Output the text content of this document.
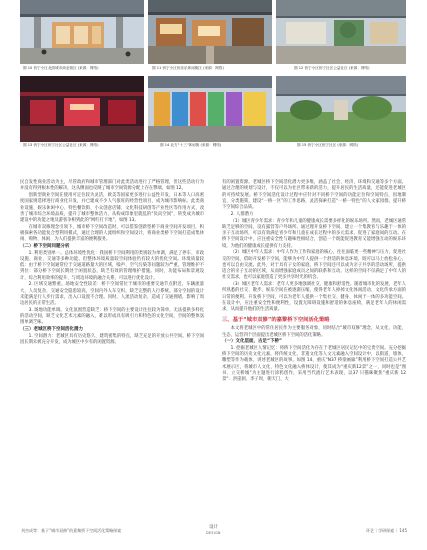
图 10 侨宁小区北面城市商业街区 (来源：网络)	图 11 侨宁小区侨乐乐休闲街区 (来源：网络)	图 12 侨宁小区侨宁社区公益社区 (来源：网络)
图 13 侨宁小区侨宁社区公益社区 (来源：网络)	图 14 北方“十三”休闲街 (来源：网络)	图 15 侨宁小区侨宁社区 (来源：网络)

民自发性商业活动为主，尽管政府和城市管理部门对此类活动进行了严格管理，但这些活动行为并没有得到根本性的解决，这从侧面也反映了城市空间资源分配上存在弊端，如图 12。

创新型商业空间在使用可定位较为灵活，欧美等国家更多进行公益性开发，日本等人口高密度国家则选择进行商业化开发，并已建成不少人气很旺的经营性项目，成为城市影响标。此类商业设施、娱乐休闲中心、特色餐饮街、小众创意店铺、文化科技研创等产业性区等作用方式，改善了城市综合环境品质，提升了城市整体活力，从构成印象里就乱的“负向空间”，转变成为城市建设中的功能之地及游客争相到此的“网红打卡地”，如图 13。

在城市双修理念引领下，城市桥下空间改造时，可以借鉴创新型桥下商业空间开发项目，积极探索各功能复合型利用模式，通过合理的人流组织和空间设计，将商业类桥下空间打造成集休闲、购物、体闲、为人们提供丰富的便利服务。

（二）桥下空间问题分析

1. 利用类别单一。总体环境性优化：我国桥下空间利用的类别较为单调，满足了停车、市政设施、商业、交通等多种功能。但整体环境质量较空间体验仍有较大的优化空间。环境质量较低：由于桥下空间通常位于交通道路量大的区域，噪声、空气污染等问题较为严重。管理维护不到位：部分桥下空间长期处于闲置状态，缺乏有效的管理维护措施。同时，功能布局和景观设计、综合利用效率的提升、与周边环境的融合关系，可以进行优化设计。

2. 区域交通繁重。场地安全性较差：桥下空间常位于城市的重要交通节点附近，车辆流量大，人员复杂，交通安全隐患较高，空间内外人车交织，缺乏完整的人行系统。部分空间的设计未能满足行人步行需求，出入口设置不合理。同时，人流活动复杂，造成了交通拥堵，影响了周边居民的正常生活。

3. 场地功能单调。文化氛围营造缺乏：桥下空间的主要设计往往较为简单，无法提供多样化的活动空间，缺乏文化艺术元素的融入，难以形成具有吸引力和特色的文化空间，空间的整体氛围单调乏味。

（三）老城区桥下空间活化潜力

1. 空间潜力：老城区具有历史悠久、建筑密集的特点，缺乏充足的开放公共空间。桥下空间因长期未被充分开发，成为城区中少有的闲置资源。

有的闲置资源。老城区桥下空间活化潜力更多维，涵盖了社会、经济、环境和交通等多个方面。通过合理的规划与设计，不仅可以为社区带来新的活力，提升居民的生活质量，还能促进老城区的可持续发展。桥下空间活化设计过程中应针对不同桥下空间的功能定位和空间特点，因地制宜、分类施策，建设“一桥一区”的工作思路，灵活探索打造“一桥一特色”的人文家园群，提升桥下空间综合品质。

2. 人群潜力

（1）城区青少年需求：青少年和儿童的健康成长需要多样化的娱乐场所。然而，老城区通常缺乏足够的空间，设有露营等户外场所。通过理开发桥下空间，建立一个集教育与乐趣于一体的亲子互动场所，可以有效满足青少年和儿童在成长过程中的多元需求，促进了家庭间的互动。在桥下空间设计中，应注重安全性与趣味性相结合，创造一个既能促进教育又能增强互动的娱乐环境，为他们的健康成长提供有力支持。

（2）城区中年人需求：中年人作为工作和家庭的核心，往往面临更一些精神与压力，促进社交的空间。借助开发桥下空间，能够为中年人提供一个舒适的休息环境，既可以马上放松身心，也可以自由交流。此外，对于具有子女的家庭，桥下空间还可以成为亲子共享的活动场所，提供适合的亲子互动的区域，从而增强家庭成员之间的联系和互动。这样的空间不仅满足了中年人的社交需求，也可以家庭创造了更多共享时光的机会。

（3）城区老年人需求：老年人更多地强调社交、健康和舒适性。随着城市化的发展，老年人所熟悉的社交、散步、娱乐空间在被逐渐压缩，使得老年人掉掉文化体闲活动、文化传承方面的日常的便利。开发桥下空间，可以为老年人提供一个集社交、健身、休闲于一体的多功能空间。在设计中，应注重安全性和便利性，设置无障碍设施和舒适的休息座椅，满足老年人的休闲需求，从而提升他们的生活质量。

三、基于“城市双修”的嘉黎桥下空间活化策略

本文将老城区中的常住居民作为主要服务对象，同时结合“城市双修”理念，从文化、功能、生态、运营四个层面提出老城区桥下空间的活化策略。

（一）文化层面，古足“下桥”

1. 挖掘老城区人情记忆：将桥下空间活化为存在于老城区居民记忆中的宝贵空间。充分挖掘桥下空间的历史文化元素，将传统文化、非遗文化等人文元素融入空间设计中，以街道、墙体、雕塑等作为载体，讲述老城区的故事。如图 14，重庆“N37 桥梁画廊”利用桥下空间打造公共艺术展示区，将城市人文化、特色文化融入桥体设计，使其成为“重庆新12景”之一，同时也是“图书、立交桥城”为主题进行涂鸦创作，采用当代流行艺术表现，以37 只猫咪聚焦“重庆新 12 景”：洪崖洞、李子坝、朝天门、大

刘杰成等：基于“城市双修”的嘉黎桥下空间活化策略探索
设计
DESIGN	环艺｜学研探索｜ 145
